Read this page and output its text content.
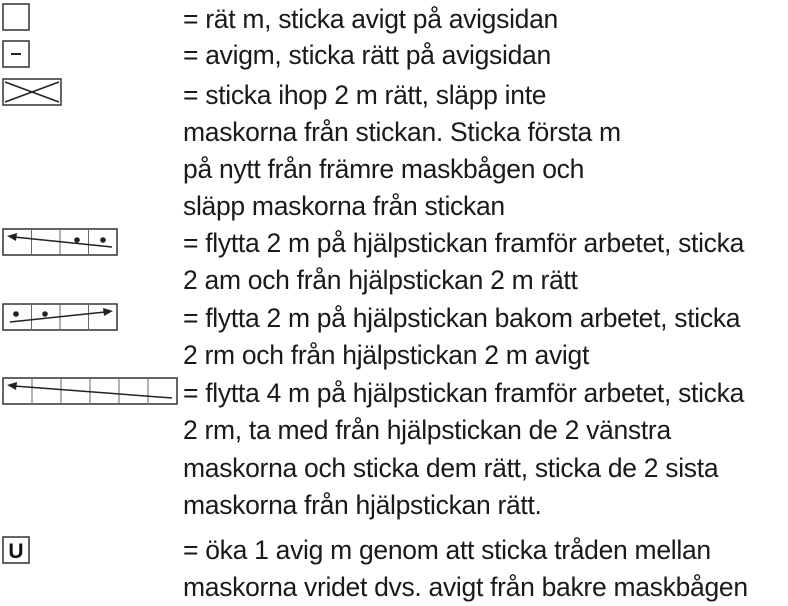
U
= rät m, sticka avigt på avigsidan
= avigm, sticka rätt på avigsidan
= sticka ihop 2 m rätt, släpp inte
maskorna från stickan. Sticka första m
på nytt från främre maskbågen och
släpp maskorna från stickan
= flytta 2 m på hjälpstickan framför arbetet, sticka
2 am och från hjälpstickan 2 m rätt
= flytta 2 m på hjälpstickan bakom arbetet, sticka
2 rm och från hjälpstickan 2 m avigt
= flytta 4 m på hjälpstickan framför arbetet, sticka
2 rm, ta med från hjälpstickan de 2 vänstra
maskorna och sticka dem rätt, sticka de 2 sista
maskorna från hjälpstickan rätt.
= öka 1 avig m genom att sticka tråden mellan
maskorna vridet dvs. avigt från bakre maskbågen
